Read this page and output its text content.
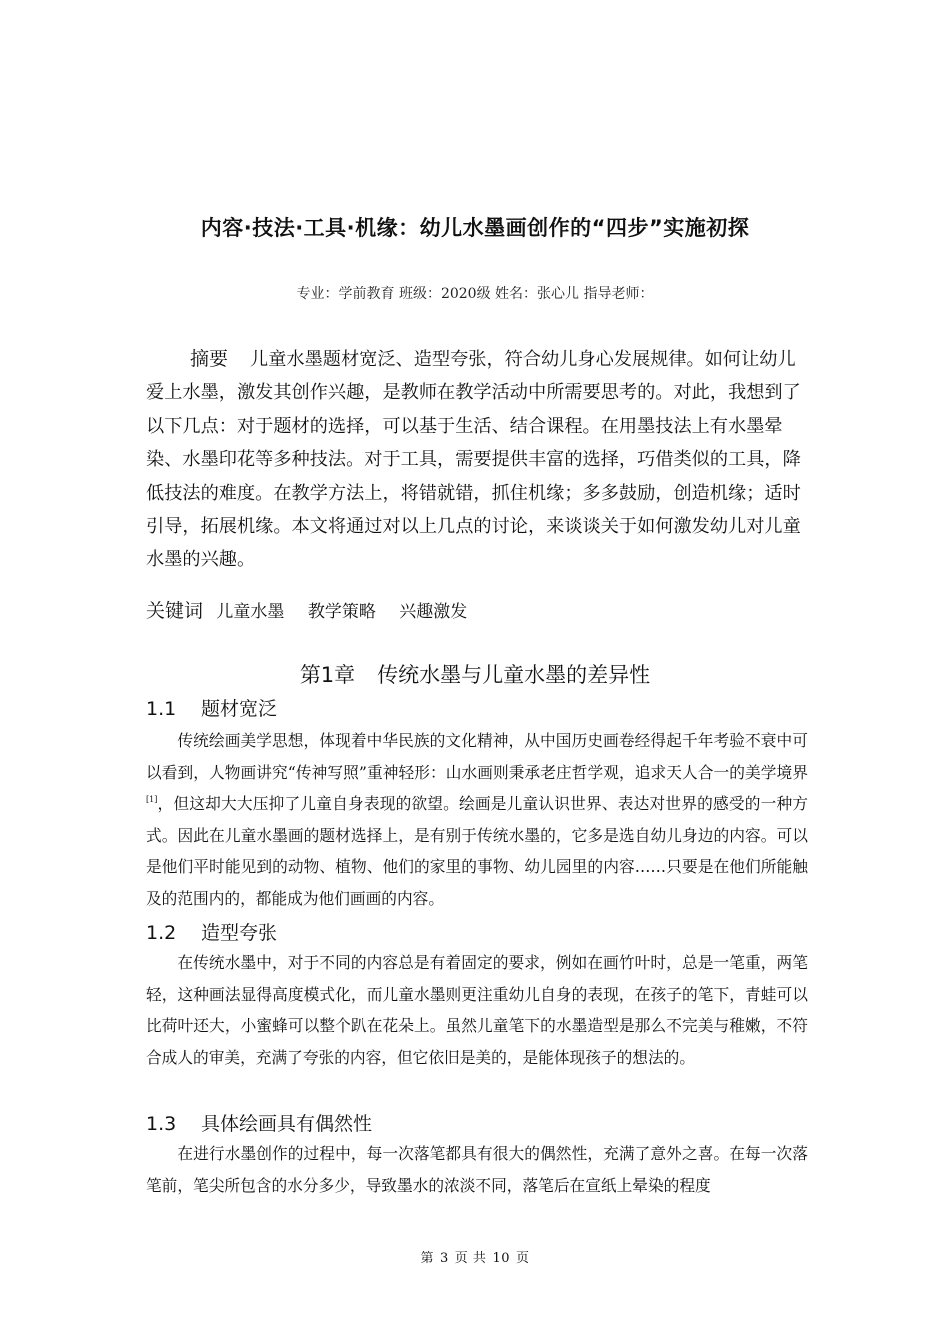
内容·技法·工具·机缘：幼儿水墨画创作的“四步”实施初探
专业：学前教育 班级：2020级 姓名：张心儿 指导老师：
摘要 儿童水墨题材宽泛、造型夸张，符合幼儿身心发展规律。如何让幼儿爱上水墨，激发其创作兴趣，是教师在教学活动中所需要思考的。对此，我想到了以下几点：对于题材的选择，可以基于生活、结合课程。在用墨技法上有水墨晕染、水墨印花等多种技法。对于工具，需要提供丰富的选择，巧借类似的工具，降低技法的难度。在教学方法上，将错就错，抓住机缘；多多鼓励，创造机缘；适时引导，拓展机缘。本文将通过对以上几点的讨论，来谈谈关于如何激发幼儿对儿童水墨的兴趣。
关键词 儿童水墨 教学策略 兴趣激发
第1章 传统水墨与儿童水墨的差异性
1.1 题材宽泛

传统绘画美学思想，体现着中华民族的文化精神，从中国历史画卷经得起千年考验不衰中可以看到，人物画讲究“传神写照”重神轻形：山水画则秉承老庄哲学观，追求天人合一的美学境界[1]，但这却大大压抑了儿童自身表现的欲望。绘画是儿童认识世界、表达对世界的感受的一种方式。因此在儿童水墨画的题材选择上，是有别于传统水墨的，它多是选自幼儿身边的内容。可以是他们平时能见到的动物、植物、他们的家里的事物、幼儿园里的内容……只要是在他们所能触及的范围内的，都能成为他们画画的内容。

1.2 造型夸张

在传统水墨中，对于不同的内容总是有着固定的要求，例如在画竹叶时，总是一笔重，两笔轻，这种画法显得高度模式化，而儿童水墨则更注重幼儿自身的表现，在孩子的笔下，青蛙可以比荷叶还大，小蜜蜂可以整个趴在花朵上。虽然儿童笔下的水墨造型是那么不完美与稚嫩，不符合成人的审美，充满了夸张的内容，但它依旧是美的，是能体现孩子的想法的。

1.3 具体绘画具有偶然性

在进行水墨创作的过程中，每一次落笔都具有很大的偶然性，充满了意外之喜。在每一次落笔前，笔尖所包含的水分多少，导致墨水的浓淡不同，落笔后在宣纸上晕染的程度

第 3 页 共 10 页
